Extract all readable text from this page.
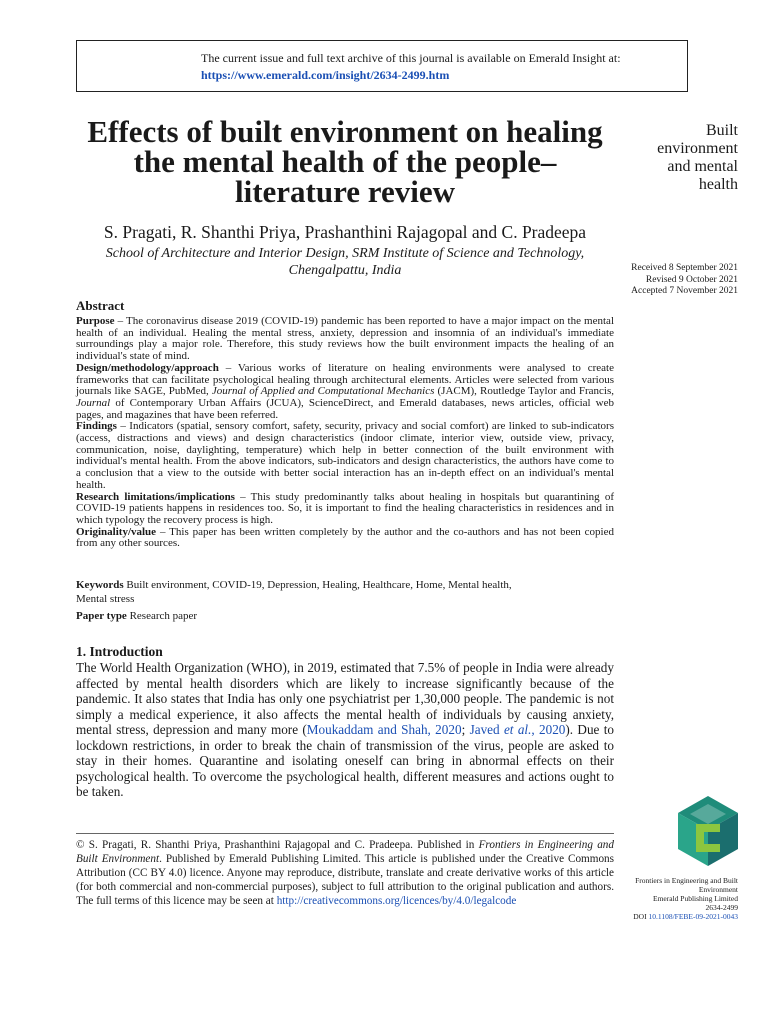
The current issue and full text archive of this journal is available on Emerald Insight at:
https://www.emerald.com/insight/2634-2499.htm
Effects of built environment on healing the mental health of the people–literature review
Built
environment
and mental
health
S. Pragati, R. Shanthi Priya, Prashanthini Rajagopal and C. Pradeepa
School of Architecture and Interior Design, SRM Institute of Science and Technology, Chengalpattu, India	Received 8 September 2021
Revised 9 October 2021
Accepted 7 November 2021
Abstract

Purpose – The coronavirus disease 2019 (COVID-19) pandemic has been reported to have a major impact on the mental health of an individual. Healing the mental stress, anxiety, depression and insomnia of an individual's immediate surroundings play a major role. Therefore, this study reviews how the built environment impacts the healing of an individual's state of mind.

Design/methodology/approach – Various works of literature on healing environments were analysed to create frameworks that can facilitate psychological healing through architectural elements. Articles were selected from various journals like SAGE, PubMed, Journal of Applied and Computational Mechanics (JACM), Routledge Taylor and Francis, Journal of Contemporary Urban Affairs (JCUA), ScienceDirect, and Emerald databases, news articles, official web pages, and magazines that have been referred.

Findings – Indicators (spatial, sensory comfort, safety, security, privacy and social comfort) are linked to sub-indicators (access, distractions and views) and design characteristics (indoor climate, interior view, outside view, privacy, communication, noise, daylighting, temperature) which help in better connection of the built environment with individual's mental health. From the above indicators, sub-indicators and design characteristics, the authors have come to a conclusion that a view to the outside with better social interaction has an in-depth effect on an individual's mental health.

Research limitations/implications – This study predominantly talks about healing in hospitals but quarantining of COVID-19 patients happens in residences too. So, it is important to find the healing characteristics in residences and in which typology the recovery process is high.

Originality/value – This paper has been written completely by the author and the co-authors and has not been copied from any other sources.

Keywords Built environment, COVID-19, Depression, Healing, Healthcare, Home, Mental health,
Mental stress
Paper type Research paper
1. Introduction

The World Health Organization (WHO), in 2019, estimated that 7.5% of people in India were already affected by mental health disorders which are likely to increase significantly because of the pandemic. It also states that India has only one psychiatrist per 1,30,000 people. The pandemic is not simply a medical experience, it also affects the mental health of individuals by causing anxiety, mental stress, depression and many more (Moukaddam and Shah, 2020; Javed et al., 2020). Due to lockdown restrictions, in order to break the chain of transmission of the virus, people are asked to stay in their homes. Quarantine and isolating oneself can bring in abnormal effects on their psychological health. To overcome the psychological health, different measures and actions ought to be taken.

© S. Pragati, R. Shanthi Priya, Prashanthini Rajagopal and C. Pradeepa. Published in Frontiers in Engineering and Built Environment. Published by Emerald Publishing Limited. This article is published under the Creative Commons Attribution (CC BY 4.0) licence. Anyone may reproduce, distribute, translate and create derivative works of this article (for both commercial and non-commercial purposes), subject to full attribution to the original publication and authors. The full terms of this licence may be seen at http://creativecommons.org/licences/by/4.0/legalcode

Frontiers in Engineering and Built
Environment
Emerald Publishing Limited
2634-2499
DOI 10.1108/FEBE-09-2021-0043
